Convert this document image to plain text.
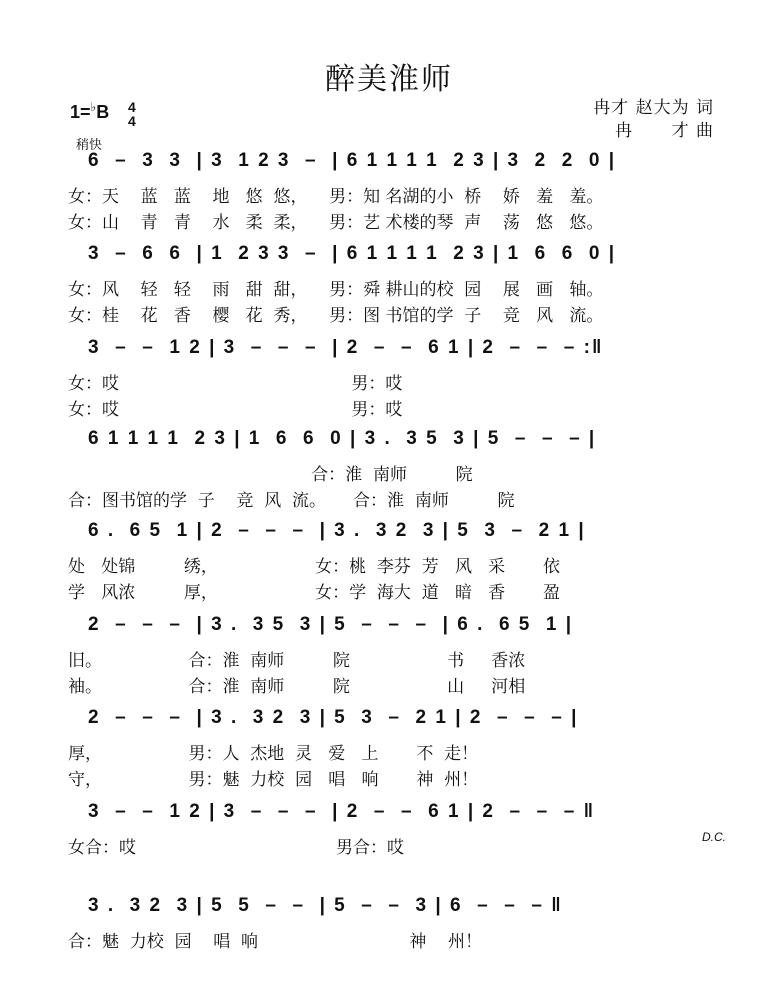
醉美淮师
冉才 赵大为 词
冉      才 曲
1=♭B 4
4
稍快
6  –  3  3  | 3  1 2 3  –  | 6 1 1 1 1  2 3 | 3  2  2  0 |
女：天    蓝   蓝    地   悠  悠，    男：知 名湖的小  桥    娇   羞   羞。
女：山    青   青    水   柔  柔，    男：艺 术楼的琴  声    荡   悠   悠。
3  –  6  6  | 1  2 3 3  –  | 6 1 1 1 1  2 3 | 1  6  6  0 |
女：风    轻   轻    雨   甜  甜，    男：舜 耕山的校  园    展   画   轴。
女：桂    花   香    樱   花  秀，    男：图 书馆的学  子    竞   风   流。
3  –  –  1 2 | 3  –  –  –  | 2  –  –  6 1 | 2  –  –  – :‖
女：哎                                           男：哎
女：哎                                           男：哎
6 1 1 1 1  2 3 | 1  6  6  0 | 3 .  3 5  3 | 5  –  –  – |
合：淮  南师         院
合：图书馆的学  子    竞  风  流。     合：淮  南师         院
6 .  6 5  1 | 2  –  –  –  | 3 .  3 2  3 | 5  3  –  2 1 |
处   处锦         绣，                  女：桃  李芬  芳   风   采       依
学   风浓         厚，                  女：学  海大  道   暗   香       盈
2  –  –  –  | 3 .  3 5  3 | 5  –  –  –  | 6 .  6 5  1 |
旧。                合：淮  南师         院                  书     香浓
袖。                合：淮  南师         院                  山     河相
2  –  –  –  | 3 .  3 2  3 | 5  3  –  2 1 | 2  –  –  – |
厚，                男：人  杰地  灵   爱   上       不  走！
守，                男：魅  力校  园   唱   响       神  州！
3  –  –  1 2 | 3  –  –  –  | 2  –  –  6 1 | 2  –  –  – ‖
女合：哎                                     男合：哎
3 .  3 2  3 | 5  5  –  –  | 5  –  –  3 | 6  –  –  – ‖
合：魅  力校  园    唱  响                            神    州！
D.C.
